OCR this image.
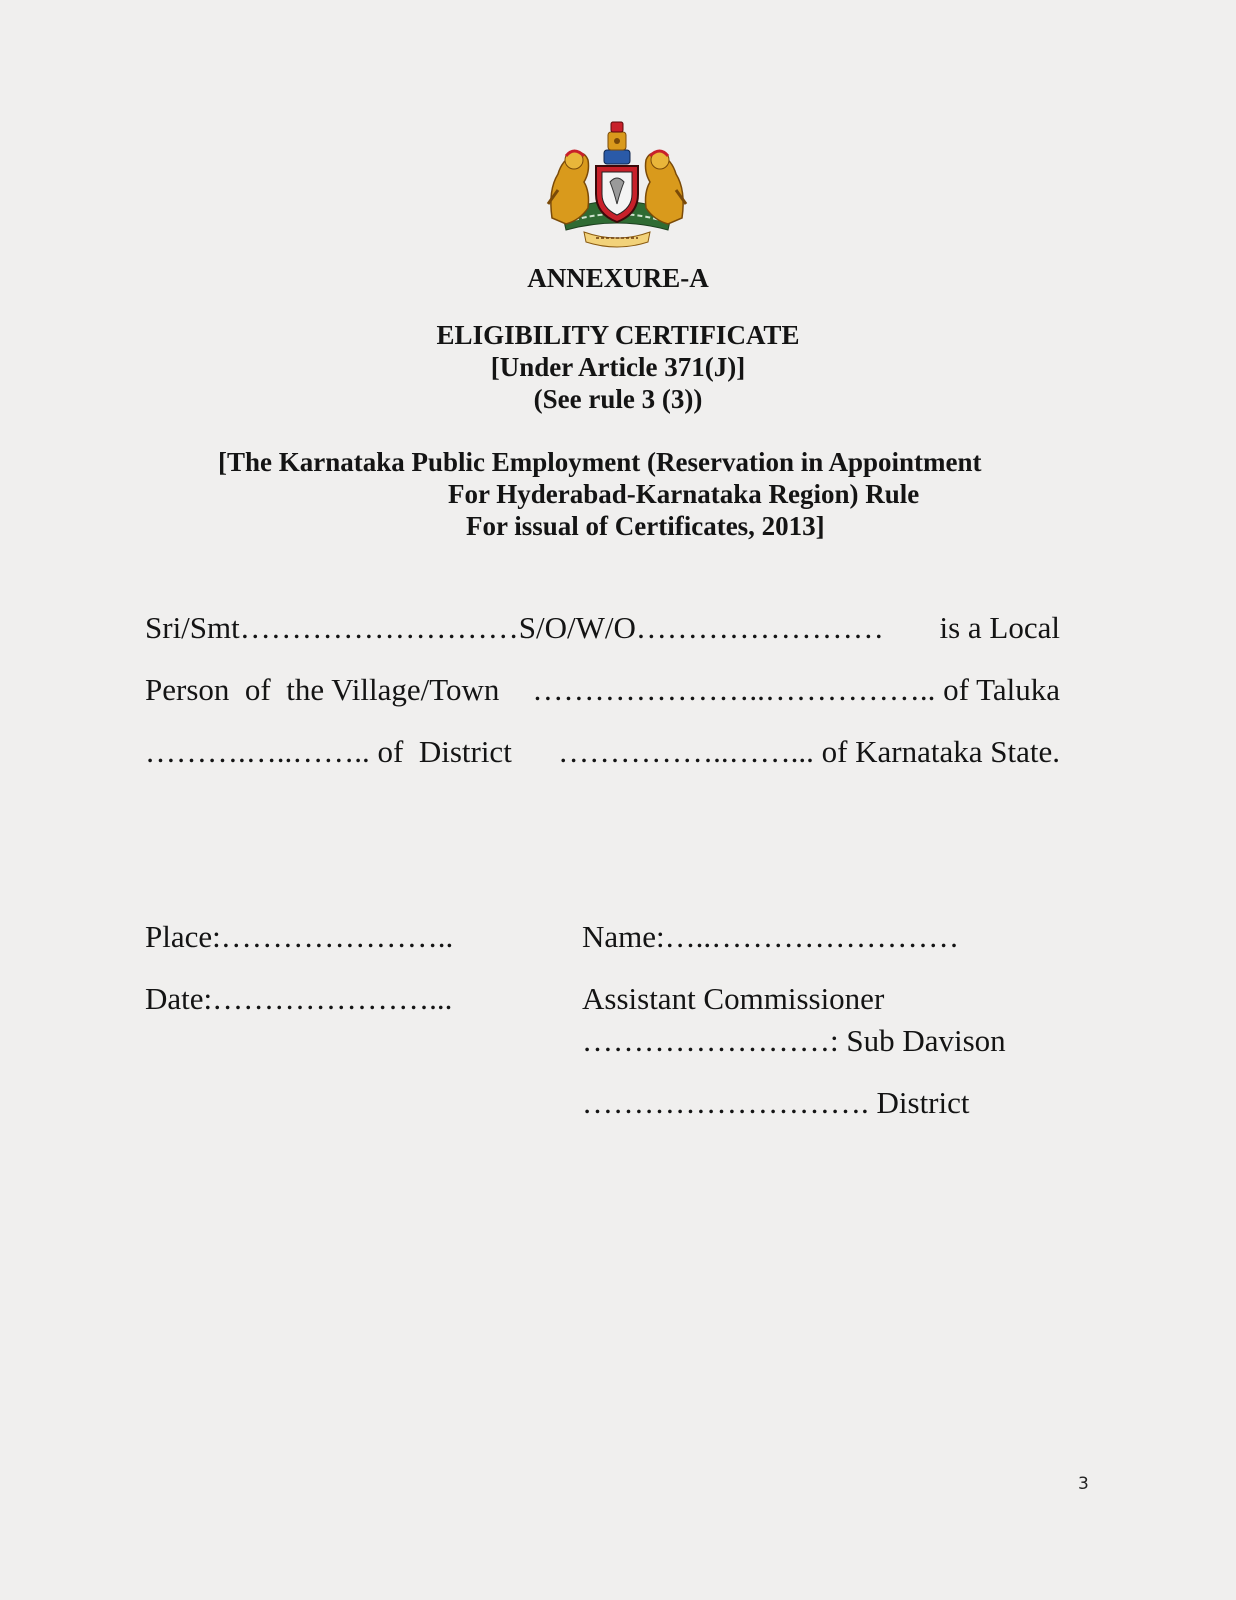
ANNEXURE-A
ELIGIBILITY CERTIFICATE
[Under Article 371(J)]
(See rule 3 (3))
[The Karnataka Public Employment (Reservation in Appointment
For Hyderabad-Karnataka Region) Rule
For issual of Certificates, 2013]
Sri/Smt………………………S/O/W/O…………………… is a Local
Person  of  the Village/Town …………………..…………….. of Taluka
……….…..…….. of  District ……………..……... of Karnataka State.
Place:…………………..
Date:…………………...
Name:…..……………………
Assistant Commissioner
……………………: Sub Davison
………………………. District
3
